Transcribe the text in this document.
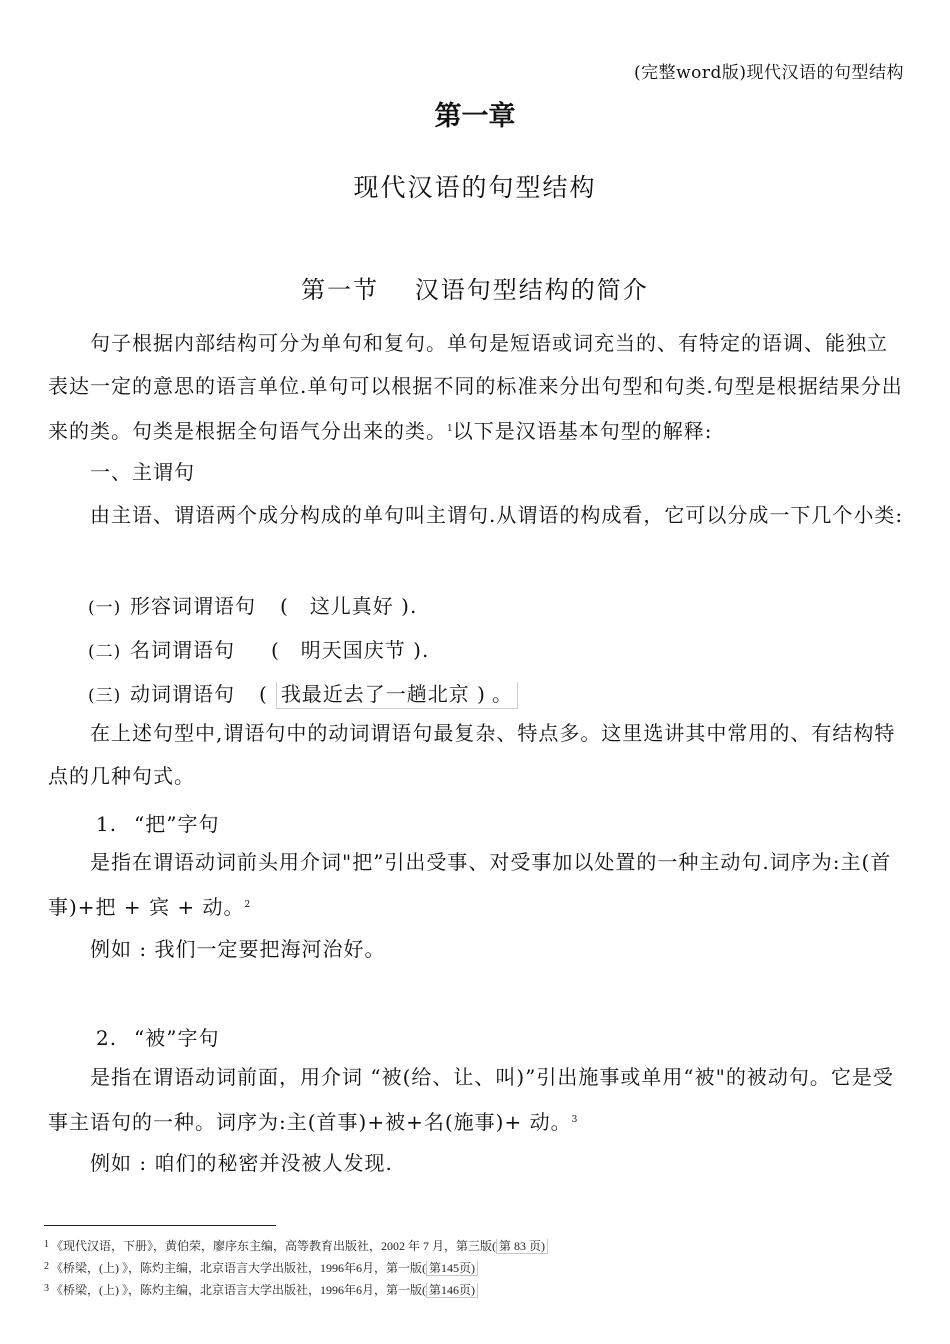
(完整word版)现代汉语的句型结构
第一章
现代汉语的句型结构
第一节　 汉语句型结构的简介
句子根据内部结构可分为单句和复句。单句是短语或词充当的、有特定的语调、能独立表达一定的意思的语言单位.单句可以根据不同的标准来分出句型和句类.句型是根据结果分出来的类。句类是根据全句语气分出来的类。$^1$以下是汉语基本句型的解释:
一、主谓句
由主语、谓语两个成分构成的单句叫主谓句.从谓语的构成看，它可以分成一下几个小类:
(一) 形容词谓语句 (　这儿真好 ).
(二) 名词谓语句 (　明天国庆节 ).
(三) 动词谓语句 ( 我最近去了一趟北京 ) 。
在上述句型中,谓语句中的动词谓语句最复杂、特点多。这里选讲其中常用的、有结构特点的几种句式。
1. “把”字句
是指在谓语动词前头用介词"把”引出受事、对受事加以处置的一种主动句.词序为:主(首事)+把 + 宾 + 动。$^2$
例如 : 我们一定要把海河治好。
2. “被”字句
是指在谓语动词前面，用介词 “被(给、让、叫)”引出施事或单用“被"的被动句。它是受事主语句的一种。词序为:主(首事)+被+名(施事)+ 动。$^3$
例如 : 咱们的秘密并没被人发现.
$^1$ 《现代汉语，下册》，黄伯荣，廖序东主编，高等教育出版社，2002 年 7 月，第三版( 第 83 页)
$^2$ 《桥梁，(上) 》，陈灼主编，北京语言大学出版社，1996年6月，第一版( 第145页)
$^3$ 《桥梁，(上) 》，陈灼主编，北京语言大学出版社，1996年6月，第一版( 第146页)
